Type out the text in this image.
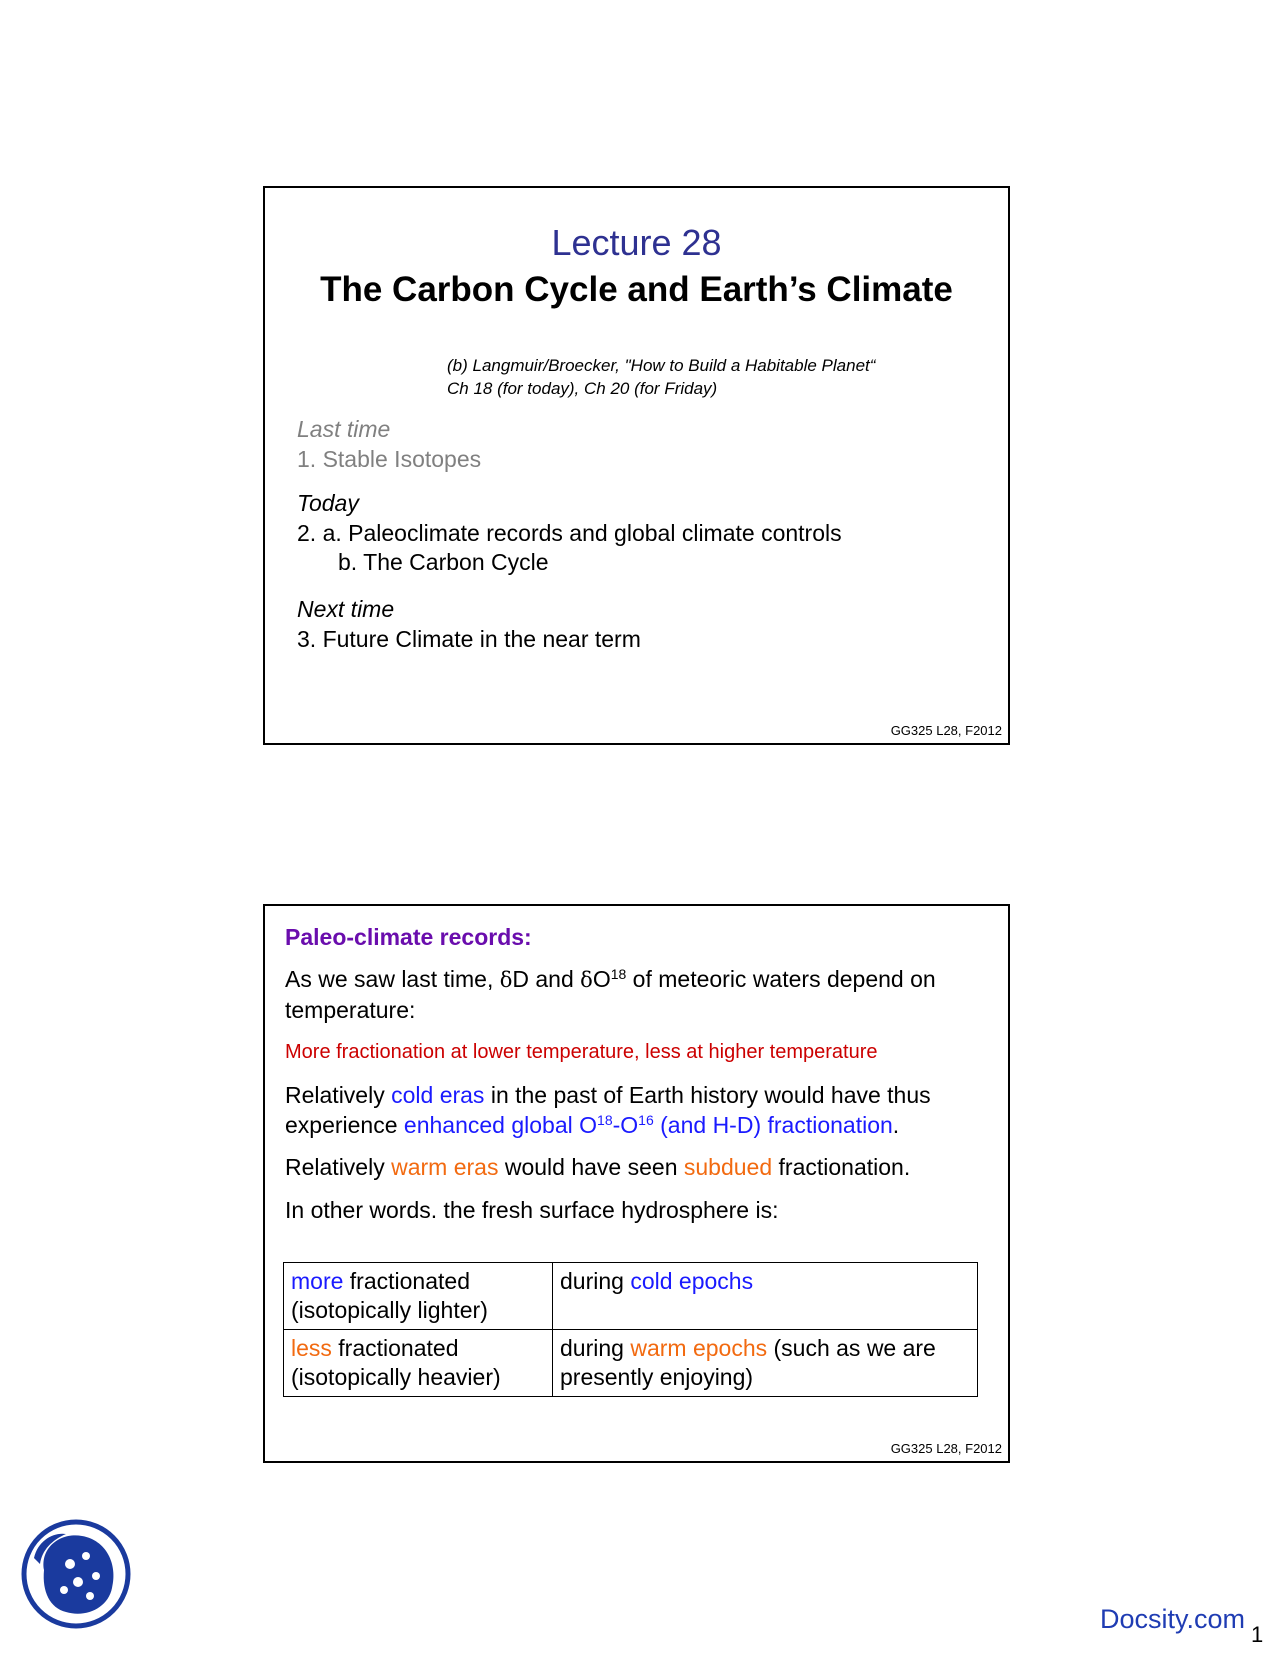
Lecture 28
The Carbon Cycle and Earth’s Climate
(b) Langmuir/Broecker, "How to Build a Habitable Planet“
Ch 18 (for today), Ch 20 (for Friday)
Last time
1. Stable Isotopes
Today
2. a. Paleoclimate records and global climate controls
b. The Carbon Cycle
Next time
3. Future Climate in the near term
GG325 L28, F2012
Paleo-climate records:
As we saw last time, δD and $\delta O^{18}$ of meteoric waters depend on temperature:
More fractionation at lower temperature, less at higher temperature
Relatively cold eras in the past of Earth history would have thus experience enhanced global $O^{18}-O^{16}$ (and H-D) fractionation.
Relatively warm eras would have seen subdued fractionation.
In other words. the fresh surface hydrosphere is:
more fractionated
(isotopically lighter)	during cold epochs
less fractionated
(isotopically heavier)	during warm epochs (such as we are
presently enjoying)
GG325 L28, F2012
Docsity.com
1
